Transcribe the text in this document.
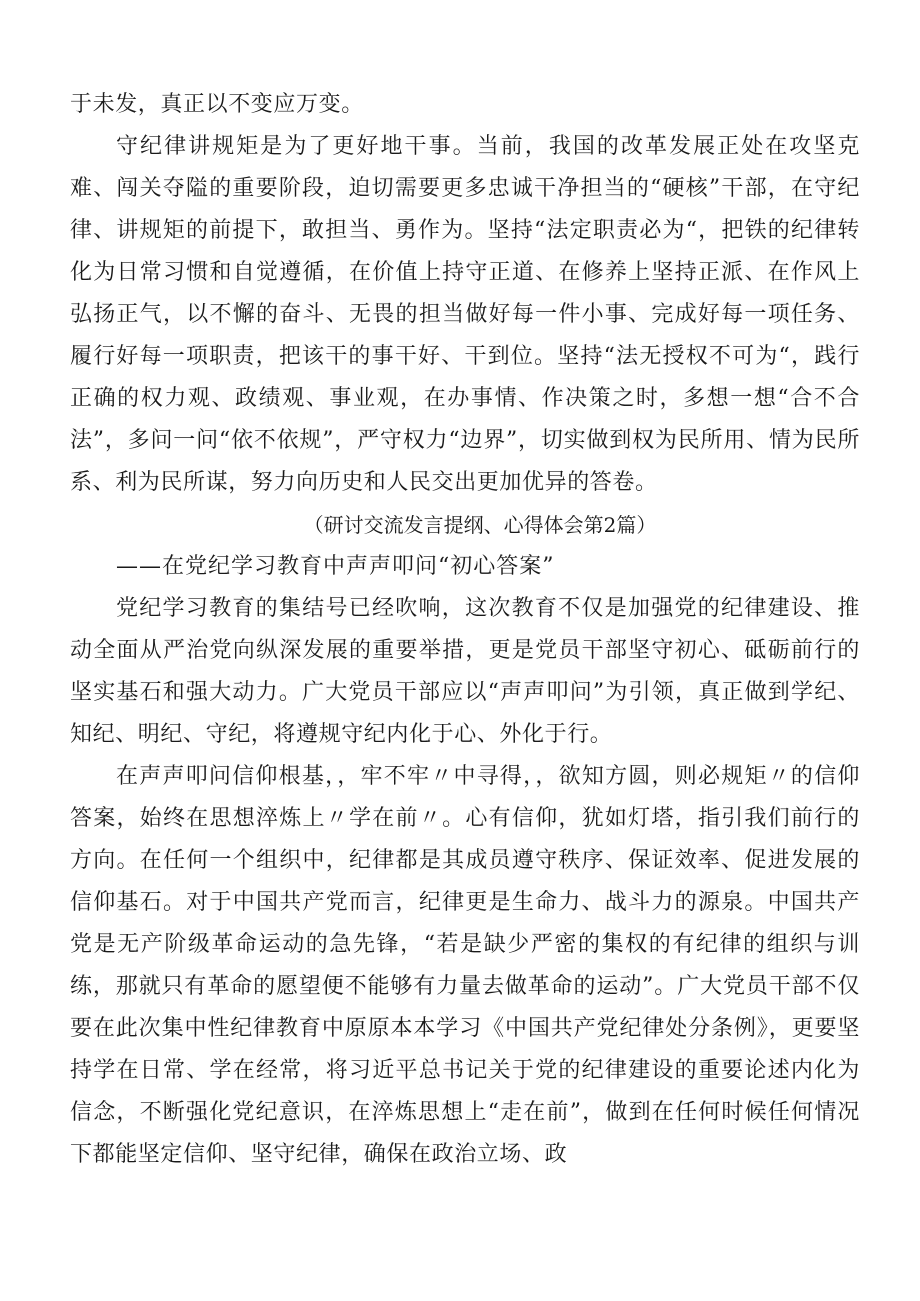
于未发，真正以不变应万变。

守纪律讲规矩是为了更好地干事。当前，我国的改革发展正处在攻坚克难、闯关夺隘的重要阶段，迫切需要更多忠诚干净担当的“硬核”干部，在守纪律、讲规矩的前提下，敢担当、勇作为。坚持“法定职责必为“，把铁的纪律转化为日常习惯和自觉遵循，在价值上持守正道、在修养上坚持正派、在作风上弘扬正气，以不懈的奋斗、无畏的担当做好每一件小事、完成好每一项任务、履行好每一项职责，把该干的事干好、干到位。坚持“法无授权不可为“，践行正确的权力观、政绩观、事业观，在办事情、作决策之时，多想一想“合不合法”，多问一问“依不依规”，严守权力“边界”，切实做到权为民所用、情为民所系、利为民所谋，努力向历史和人民交出更加优异的答卷。

（研讨交流发言提纲、心得体会第2篇）

——在党纪学习教育中声声叩问“初心答案”

党纪学习教育的集结号已经吹响，这次教育不仅是加强党的纪律建设、推动全面从严治党向纵深发展的重要举措，更是党员干部坚守初心、砥砺前行的坚实基石和强大动力。广大党员干部应以“声声叩问”为引领，真正做到学纪、知纪、明纪、守纪，将遵规守纪内化于心、外化于行。

在声声叩问信仰根基，，牢不牢〃中寻得，，欲知方圆，则必规矩〃的信仰答案，始终在思想淬炼上〃学在前〃。心有信仰，犹如灯塔，指引我们前行的方向。在任何一个组织中，纪律都是其成员遵守秩序、保证效率、促进发展的信仰基石。对于中国共产党而言，纪律更是生命力、战斗力的源泉。中国共产党是无产阶级革命运动的急先锋，“若是缺少严密的集权的有纪律的组织与训练，那就只有革命的愿望便不能够有力量去做革命的运动”。广大党员干部不仅要在此次集中性纪律教育中原原本本学习《中国共产党纪律处分条例》，更要坚持学在日常、学在经常，将习近平总书记关于党的纪律建设的重要论述内化为信念，不断强化党纪意识，在淬炼思想上“走在前”，做到在任何时候任何情况下都能坚定信仰、坚守纪律，确保在政治立场、政
